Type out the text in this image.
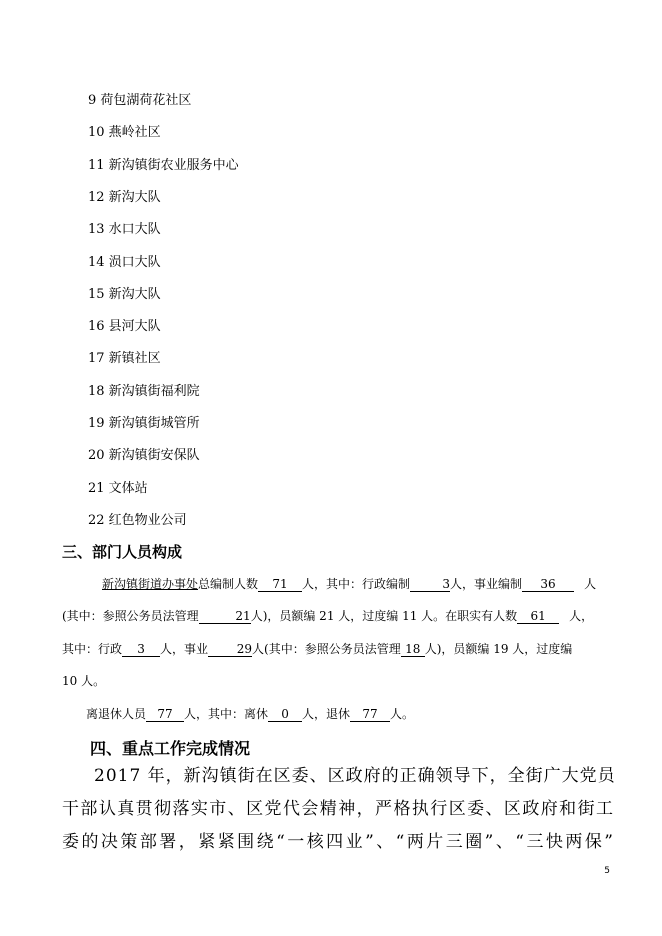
9 荷包湖荷花社区
10 燕岭社区
11 新沟镇街农业服务中心
12 新沟大队
13 水口大队
14 涢口大队
15 新沟大队
16 县河大队
17 新镇社区
18 新沟镇街福利院
19 新沟镇街城管所
20 新沟镇街安保队
21 文体站
22 红色物业公司
三、部门人员构成
新沟镇街道办事处总编制人数 71 人，其中：行政编制	3人，事业编制 36 人
(其中：参照公务员法管理	21人)，员额编 21 人，过度编 11 人。在职实有人数 61 人，
其中：行政 3 人，事业 29人(其中：参照公务员法管理 18 人)，员额编 19 人，过度编
10 人。
离退休人员 77 人，其中：离休 0 人，退休 77 人。
四、重点工作完成情况
2017 年，新沟镇街在区委、区政府的正确领导下，全街广大党员
干部认真贯彻落实市、区党代会精神，严格执行区委、区政府和街工
委的决策部署，紧紧围绕“一核四业”、“两片三圈”、“三快两保”
5
